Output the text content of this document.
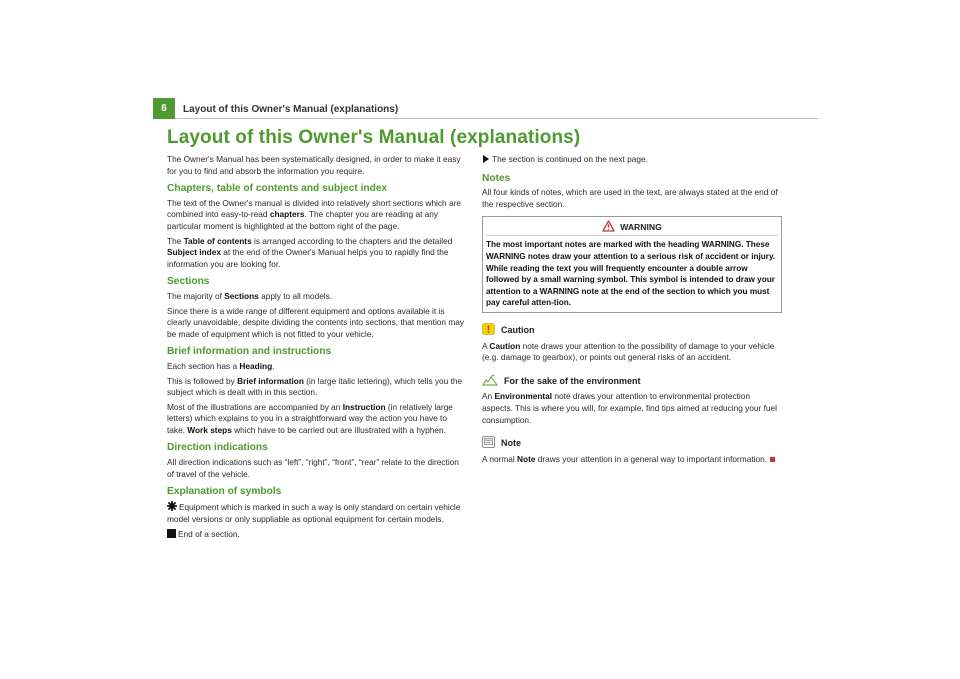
6	Layout of this Owner's Manual (explanations)
Layout of this Owner's Manual (explanations)

The Owner's Manual has been systematically designed, in order to make it easy for you to find and absorb the information you require.

Chapters, table of contents and subject index

The text of the Owner's manual is divided into relatively short sections which are combined into easy-to-read chapters. The chapter you are reading at any particular moment is highlighted at the bottom right of the page.

The Table of contents is arranged according to the chapters and the detailed Subject index at the end of the Owner's Manual helps you to rapidly find the information you are looking for.

Sections

The majority of Sections apply to all models.

Since there is a wide range of different equipment and options available it is clearly unavoidable, despite dividing the contents into sections, that mention may be made of equipment which is not fitted to your vehicle.

Brief information and instructions

Each section has a Heading.

This is followed by Brief information (in large italic lettering), which tells you the subject which is dealt with in this section.

Most of the illustrations are accompanied by an Instruction (in relatively large letters) which explains to you in a straightforward way the action you have to take. Work steps which have to be carried out are illustrated with a hyphen.

Direction indications

All direction indications such as “left”, “right”, “front”, “rear” relate to the direction of travel of the vehicle.

Explanation of symbols

Equipment which is marked in such a way is only standard on certain vehicle model versions or only suppliable as optional equipment for certain models.

End of a section.

The section is continued on the next page.

Notes

All four kinds of notes, which are used in the text, are always stated at the end of the respective section.

WARNING
The most important notes are marked with the heading WARNING. These WARNING notes draw your attention to a serious risk of accident or injury. While reading the text you will frequently encounter a double arrow followed by a small warning symbol. This symbol is intended to draw your attention to a WARNING note at the end of the section to which you must pay careful atten-tion.
Caution

A Caution note draws your attention to the possibility of damage to your vehicle (e.g. damage to gearbox), or points out general risks of an accident.

For the sake of the environment

An Environmental note draws your attention to environmental protection aspects. This is where you will, for example, find tips aimed at reducing your fuel consumption.

Note

A normal Note draws your attention in a general way to important information.
